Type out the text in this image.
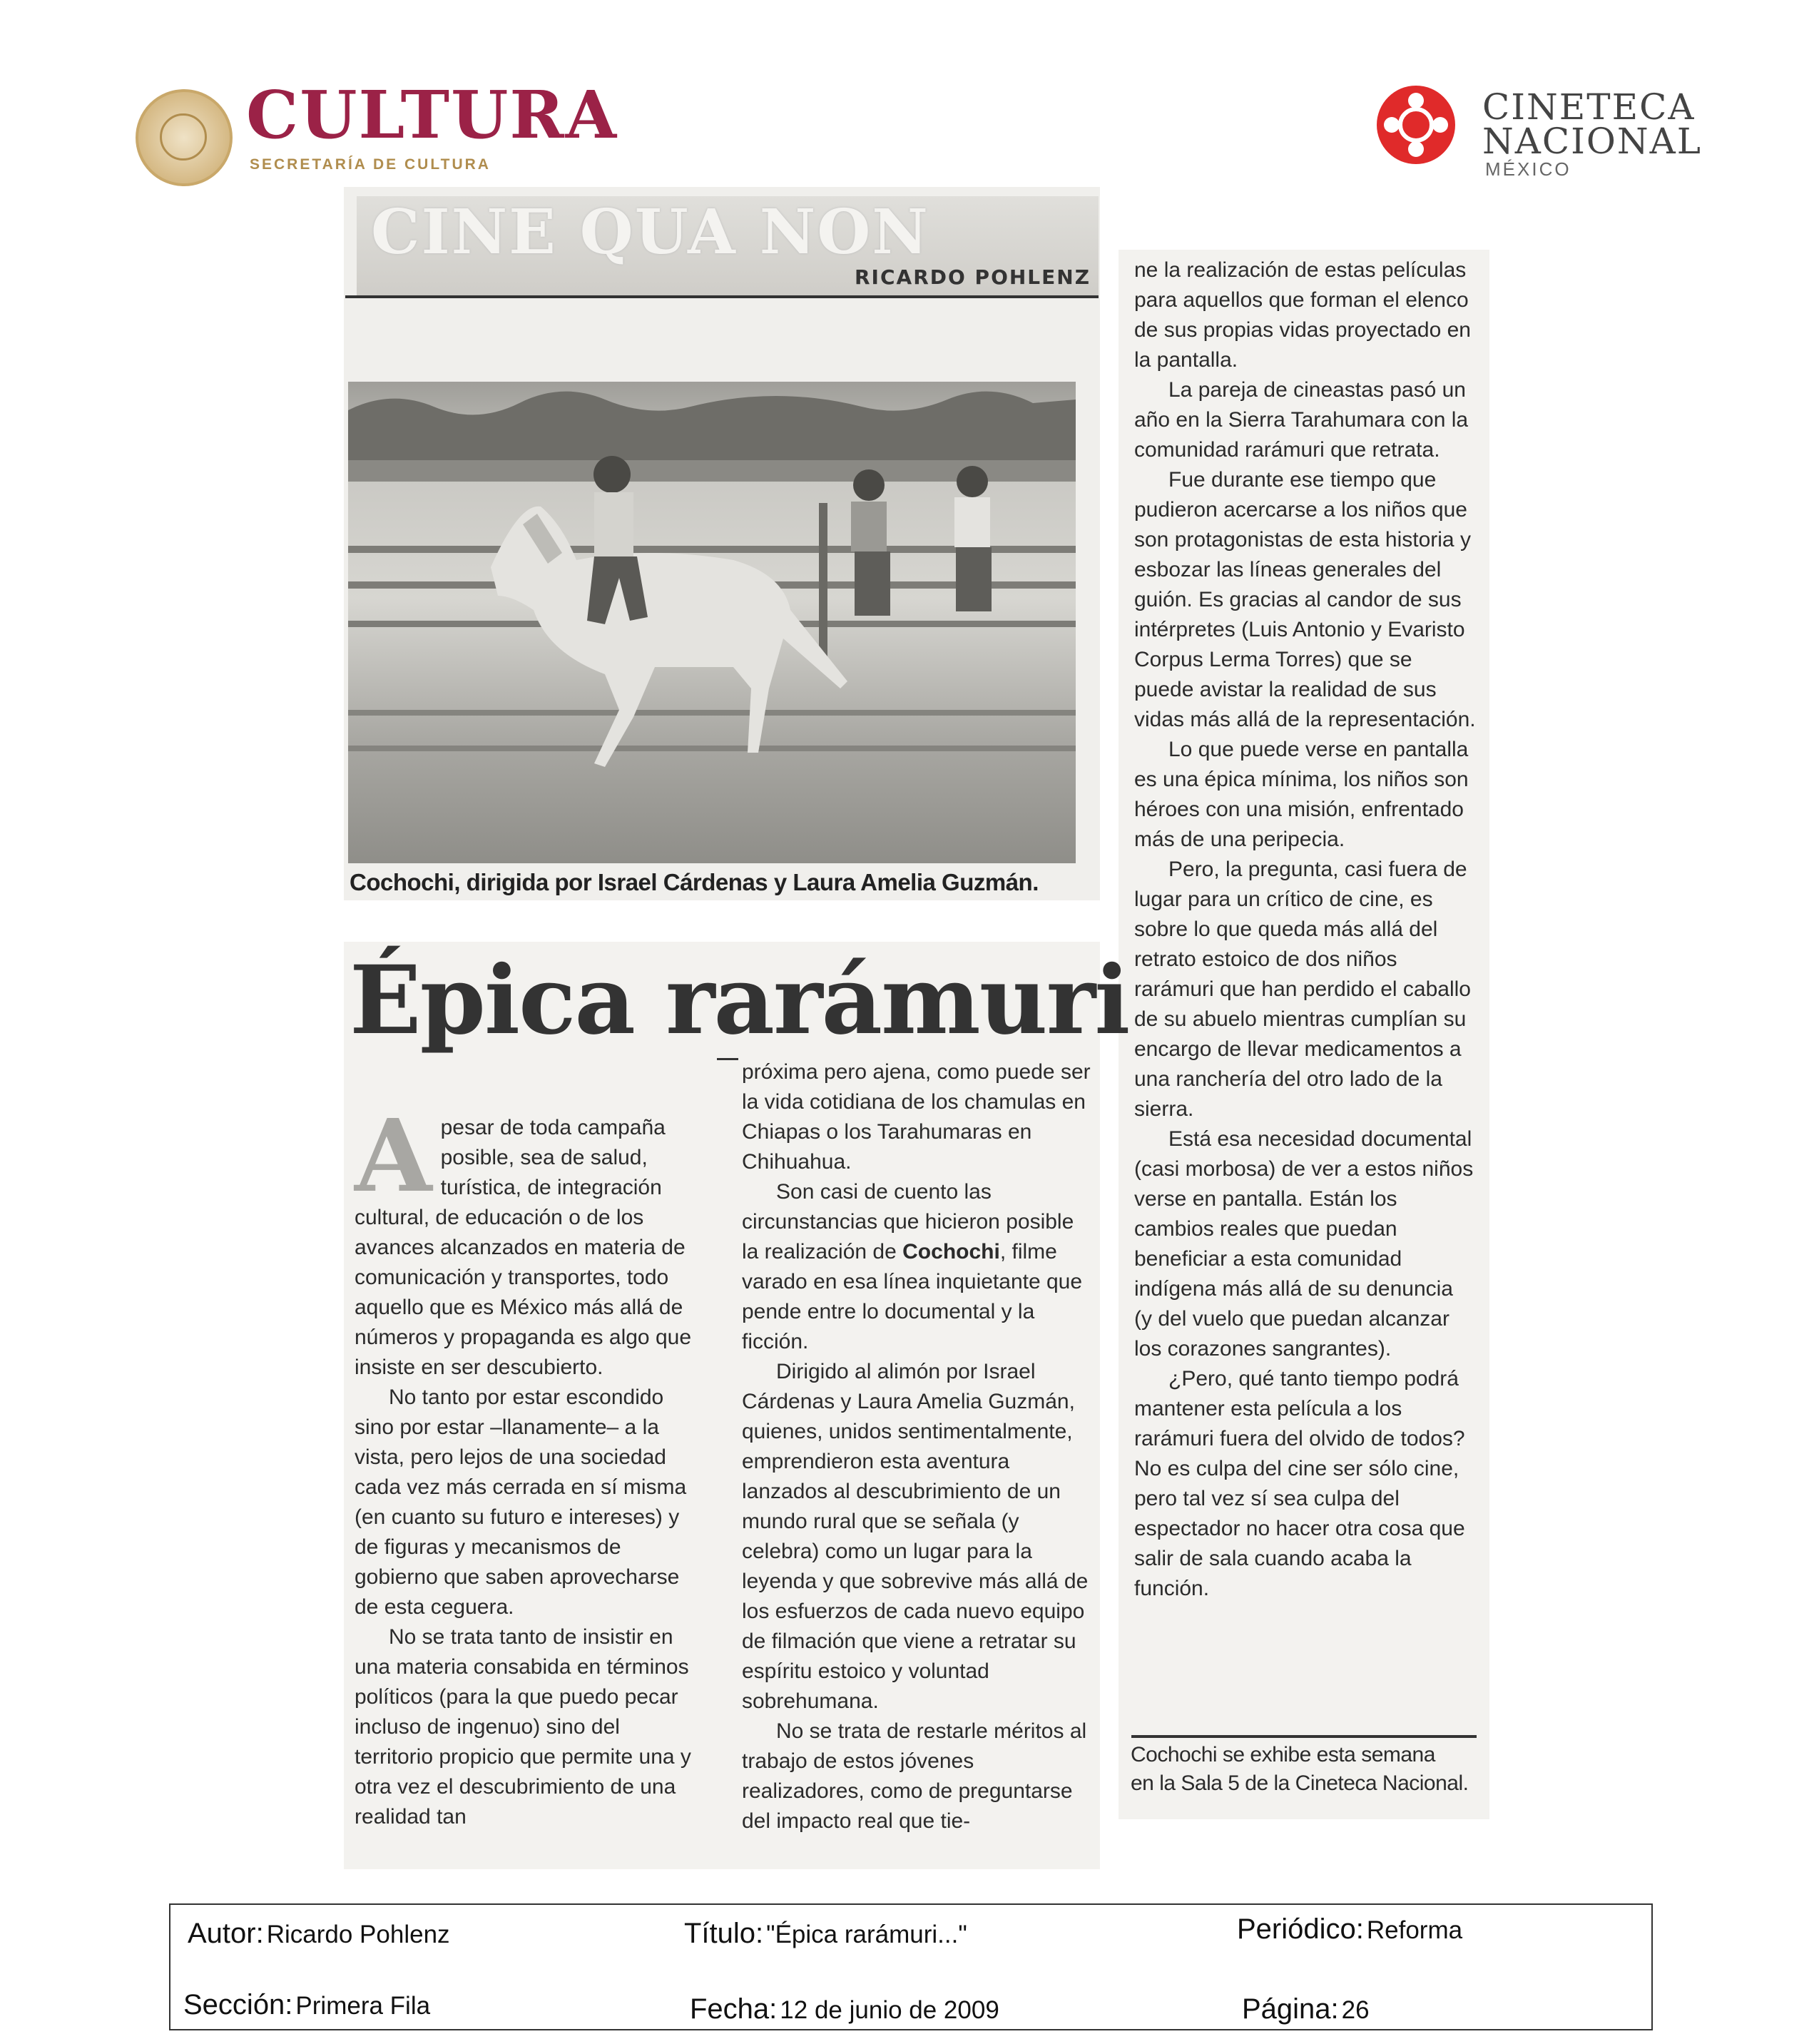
CULTURA
SECRETARÍA DE CULTURA
CINETECA
NACIONAL
MÉXICO
CINE QUA NON
RICARDO POHLENZ
Cochochi, dirigida por Israel Cárdenas y Laura Amelia Guzmán.
Épica rarámuri
A pesar de toda campaña posible, sea de salud, turística, de integración cultural, de educación o de los avances alcanzados en materia de comunicación y transportes, todo aquello que es México más allá de números y propaganda es algo que insiste en ser descubierto.

No tanto por estar escondido sino por estar –llanamente– a la vista, pero lejos de una sociedad cada vez más cerrada en sí misma (en cuanto su futuro e intereses) y de figuras y mecanismos de gobierno que saben aprovecharse de esta ceguera.

No se trata tanto de insistir en una materia consabida en términos políticos (para la que puedo pecar incluso de ingenuo) sino del territorio propicio que permite una y otra vez el descubrimiento de una realidad tan

próxima pero ajena, como puede ser la vida cotidiana de los chamulas en Chiapas o los Tarahumaras en Chihuahua.

Son casi de cuento las circunstancias que hicieron posible la realización de Cochochi, filme varado en esa línea inquietante que pende entre lo documental y la ficción.

Dirigido al alimón por Israel Cárdenas y Laura Amelia Guzmán, quienes, unidos sentimentalmente, emprendieron esta aventura lanzados al descubrimiento de un mundo rural que se señala (y celebra) como un lugar para la leyenda y que sobrevive más allá de los esfuerzos de cada nuevo equipo de filmación que viene a retratar su espíritu estoico y voluntad sobrehumana.

No se trata de restarle méritos al trabajo de estos jóvenes realizadores, como de preguntarse del impacto real que tie-

ne la realización de estas películas para aquellos que forman el elenco de sus propias vidas proyectado en la pantalla.

La pareja de cineastas pasó un año en la Sierra Tarahumara con la comunidad rarámuri que retrata.

Fue durante ese tiempo que pudieron acercarse a los niños que son protagonistas de esta historia y esbozar las líneas generales del guión. Es gracias al candor de sus intérpretes (Luis Antonio y Evaristo Corpus Lerma Torres) que se puede avistar la realidad de sus vidas más allá de la representación.

Lo que puede verse en pantalla es una épica mínima, los niños son héroes con una misión, enfrentado más de una peripecia.

Pero, la pregunta, casi fuera de lugar para un crítico de cine, es sobre lo que queda más allá del retrato estoico de dos niños rarámuri que han perdido el caballo de su abuelo mientras cumplían su encargo de llevar medicamentos a una ranchería del otro lado de la sierra.

Está esa necesidad documental (casi morbosa) de ver a estos niños verse en pantalla. Están los cambios reales que puedan beneficiar a esta comunidad indígena más allá de su denuncia (y del vuelo que puedan alcanzar los corazones sangrantes).

¿Pero, qué tanto tiempo podrá mantener esta película a los rarámuri fuera del olvido de todos? No es culpa del cine ser sólo cine, pero tal vez sí sea culpa del espectador no hacer otra cosa que salir de sala cuando acaba la función.

Cochochi se exhibe esta semana
en la Sala 5 de la Cineteca Nacional.
Autor: Ricardo Pohlenz	Título: "Épica rarámuri..."	Periódico: Reforma
Sección: Primera Fila	Fecha: 12 de junio de 2009	Página: 26
